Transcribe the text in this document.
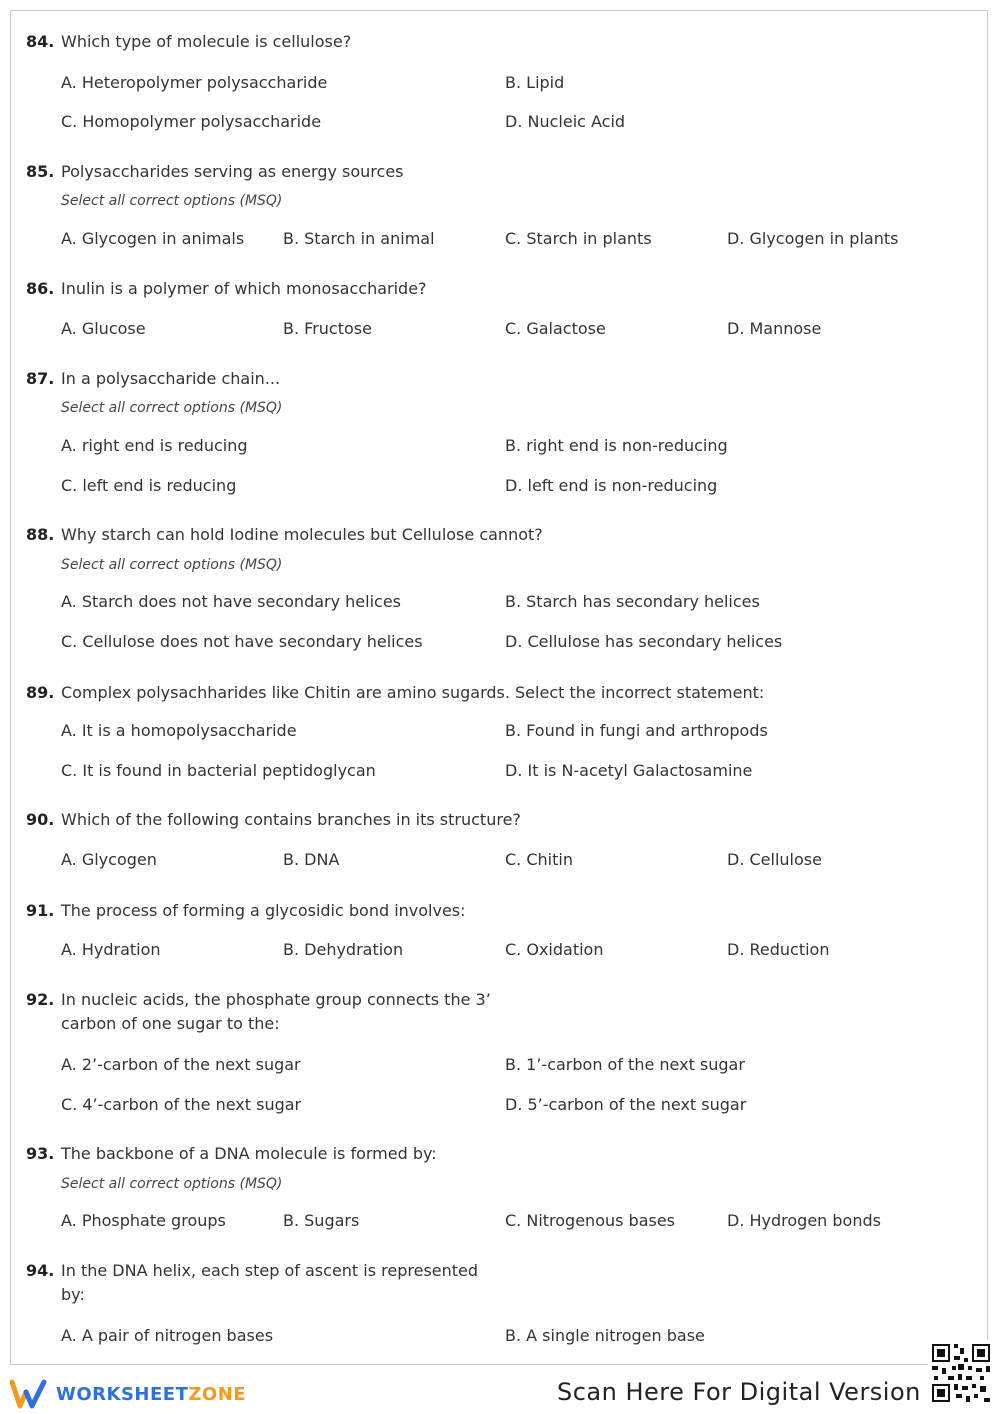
84. Which type of molecule is cellulose?
A. Heteropolymer polysaccharide	B. Lipid
C. Homopolymer polysaccharide	D. Nucleic Acid
85. Polysaccharides serving as energy sources
Select all correct options (MSQ)
A. Glycogen in animals B. Starch in animal	C. Starch in plants	D. Glycogen in plants
86. Inulin is a polymer of which monosaccharide?
A. Glucose	B. Fructose	C. Galactose	D. Mannose
87. In a polysaccharide chain...
Select all correct options (MSQ)
A. right end is reducing	B. right end is non-reducing
C. left end is reducing	D. left end is non-reducing
88. Why starch can hold Iodine molecules but Cellulose cannot?
Select all correct options (MSQ)
A. Starch does not have secondary helices	B. Starch has secondary helices
C. Cellulose does not have secondary helices	D. Cellulose has secondary helices
89. Complex polysachharides like Chitin are amino sugards. Select the incorrect statement:
A. It is a homopolysaccharide	B. Found in fungi and arthropods
C. It is found in bacterial peptidoglycan	D. It is N-acetyl Galactosamine
90. Which of the following contains branches in its structure?
A. Glycogen	B. DNA	C. Chitin	D. Cellulose
91. The process of forming a glycosidic bond involves:
A. Hydration	B. Dehydration	C. Oxidation	D. Reduction
92. In nucleic acids, the phosphate group connects the 3’ carbon of one sugar to the:
A. 2’-carbon of the next sugar	B. 1’-carbon of the next sugar
C. 4’-carbon of the next sugar	D. 5’-carbon of the next sugar
93. The backbone of a DNA molecule is formed by:
Select all correct options (MSQ)
A. Phosphate groups	B. Sugars	C. Nitrogenous bases	D. Hydrogen bonds
94. In the DNA helix, each step of ascent is represented by:
A. A pair of nitrogen bases	B. A single nitrogen base
WORKSHEETZONE	Scan Here For Digital Version
